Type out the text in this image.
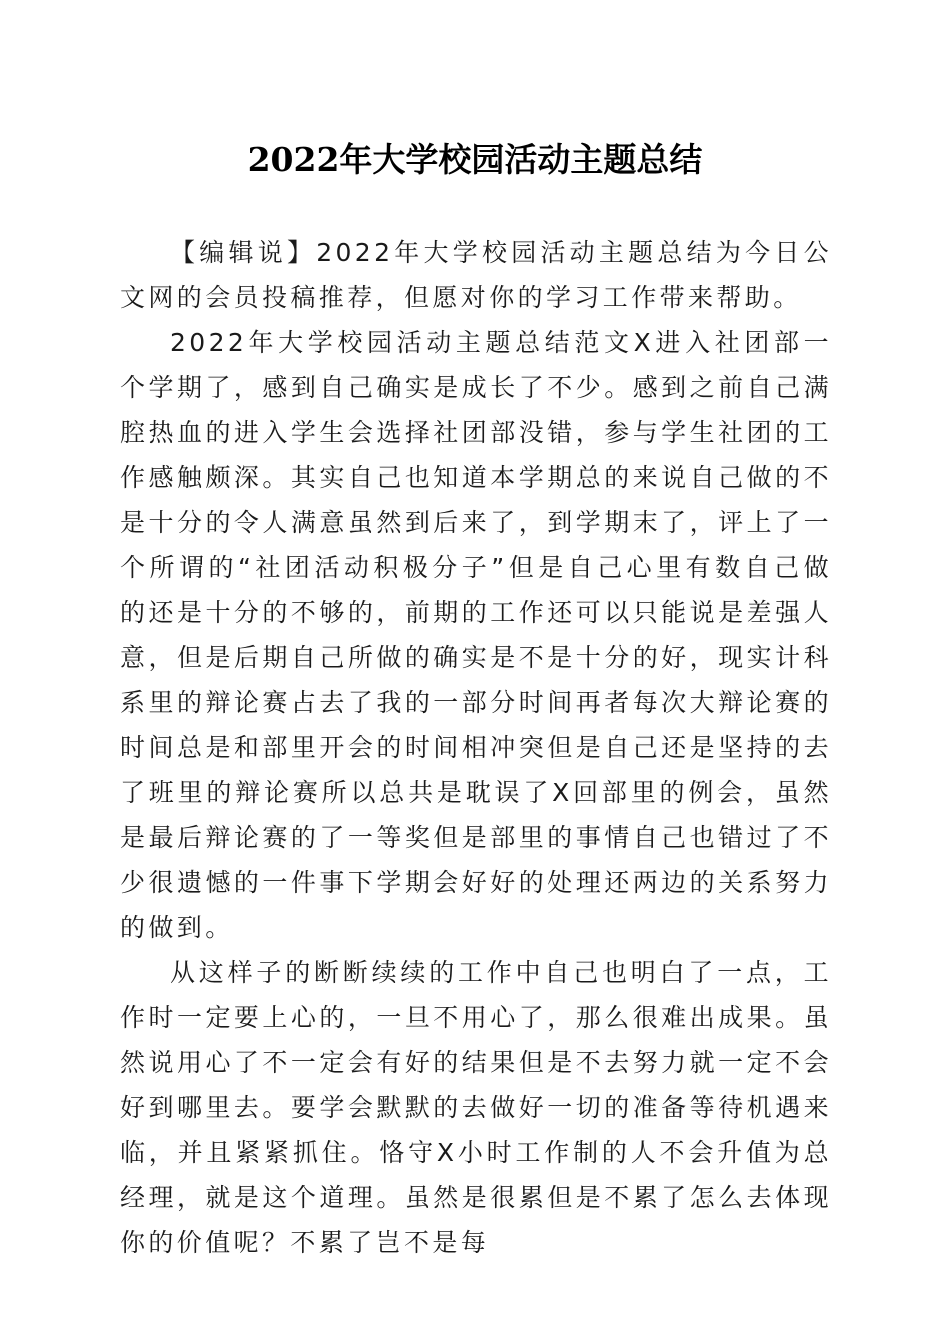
2022年大学校园活动主题总结

【编辑说】2022年大学校园活动主题总结为今日公文网的会员投稿推荐，但愿对你的学习工作带来帮助。

2022年大学校园活动主题总结范文X进入社团部一个学期了，感到自己确实是成长了不少。感到之前自己满腔热血的进入学生会选择社团部没错，参与学生社团的工作感触颇深。其实自己也知道本学期总的来说自己做的不是十分的令人满意虽然到后来了，到学期末了，评上了一个所谓的“社团活动积极分子”但是自己心里有数自己做的还是十分的不够的，前期的工作还可以只能说是差强人意，但是后期自己所做的确实是不是十分的好，现实计科系里的辩论赛占去了我的一部分时间再者每次大辩论赛的时间总是和部里开会的时间相冲突但是自己还是坚持的去了班里的辩论赛所以总共是耽误了X回部里的例会，虽然是最后辩论赛的了一等奖但是部里的事情自己也错过了不少很遗憾的一件事下学期会好好的处理还两边的关系努力的做到。

从这样子的断断续续的工作中自己也明白了一点，工作时一定要上心的，一旦不用心了，那么很难出成果。虽然说用心了不一定会有好的结果但是不去努力就一定不会好到哪里去。要学会默默的去做好一切的准备等待机遇来临，并且紧紧抓住。恪守X小时工作制的人不会升值为总经理，就是这个道理。虽然是很累但是不累了怎么去体现你的价值呢？不累了岂不是每
